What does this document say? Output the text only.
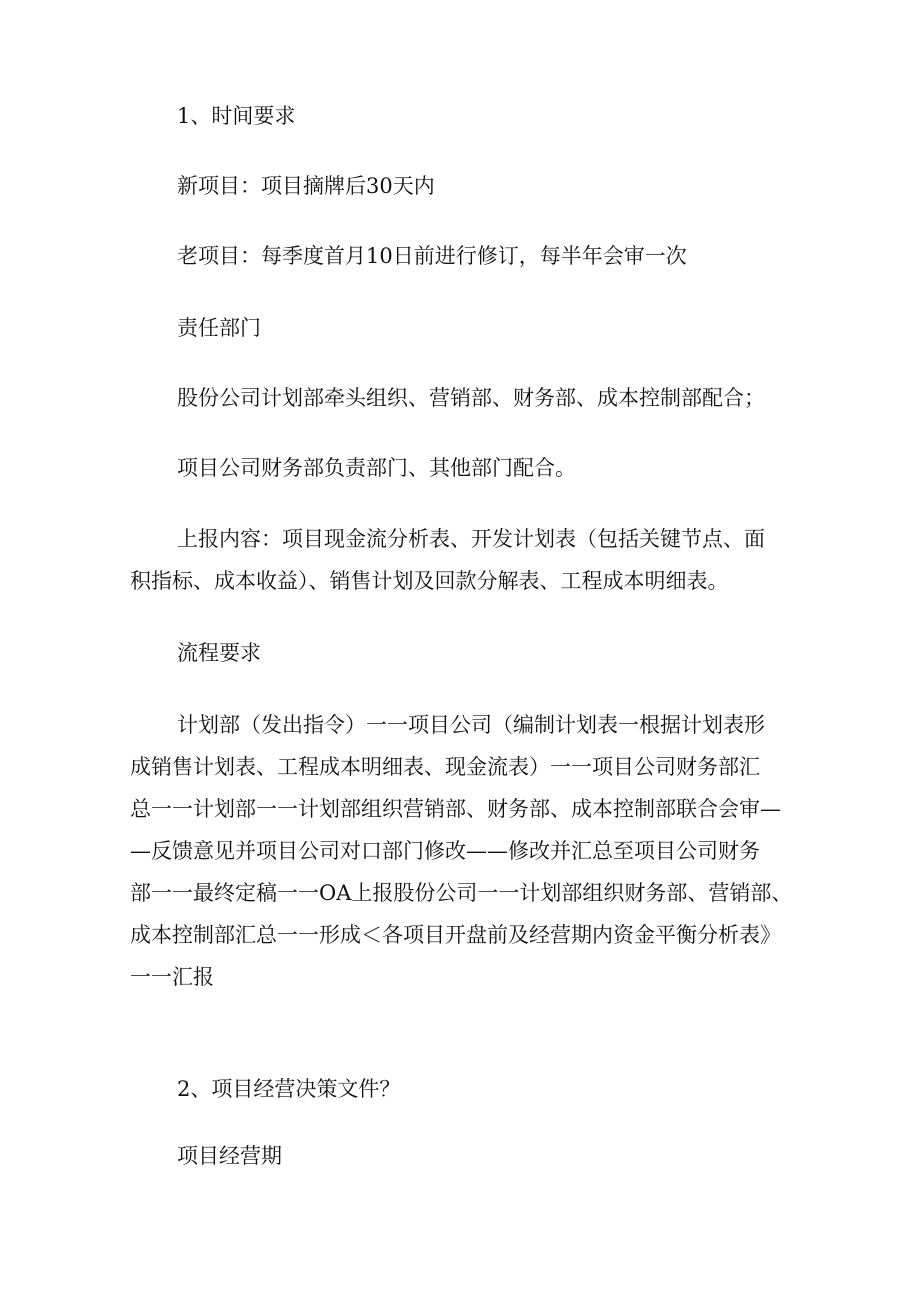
1、时间要求

新项目：项目摘牌后30天内

老项目：每季度首月10日前进行修订，每半年会审一次

责任部门

股份公司计划部牵头组织、营销部、财务部、成本控制部配合；

项目公司财务部负责部门、其他部门配合。

上报内容：项目现金流分析表、开发计划表（包括关键节点、面
积指标、成本收益）、销售计划及回款分解表、工程成本明细表。

流程要求

计划部（发出指令）一一项目公司（编制计划表一根据计划表形
成销售计划表、工程成本明细表、现金流表）一一项目公司财务部汇
总一一计划部一一计划部组织营销部、财务部、成本控制部联合会审—
—反馈意见并项目公司对口部门修改——修改并汇总至项目公司财务
部一一最终定稿一一OA上报股份公司一一计划部组织财务部、营销部、
成本控制部汇总一一形成＜各项目开盘前及经营期内资金平衡分析表》
一一汇报

2、项目经营决策文件？

项目经营期
